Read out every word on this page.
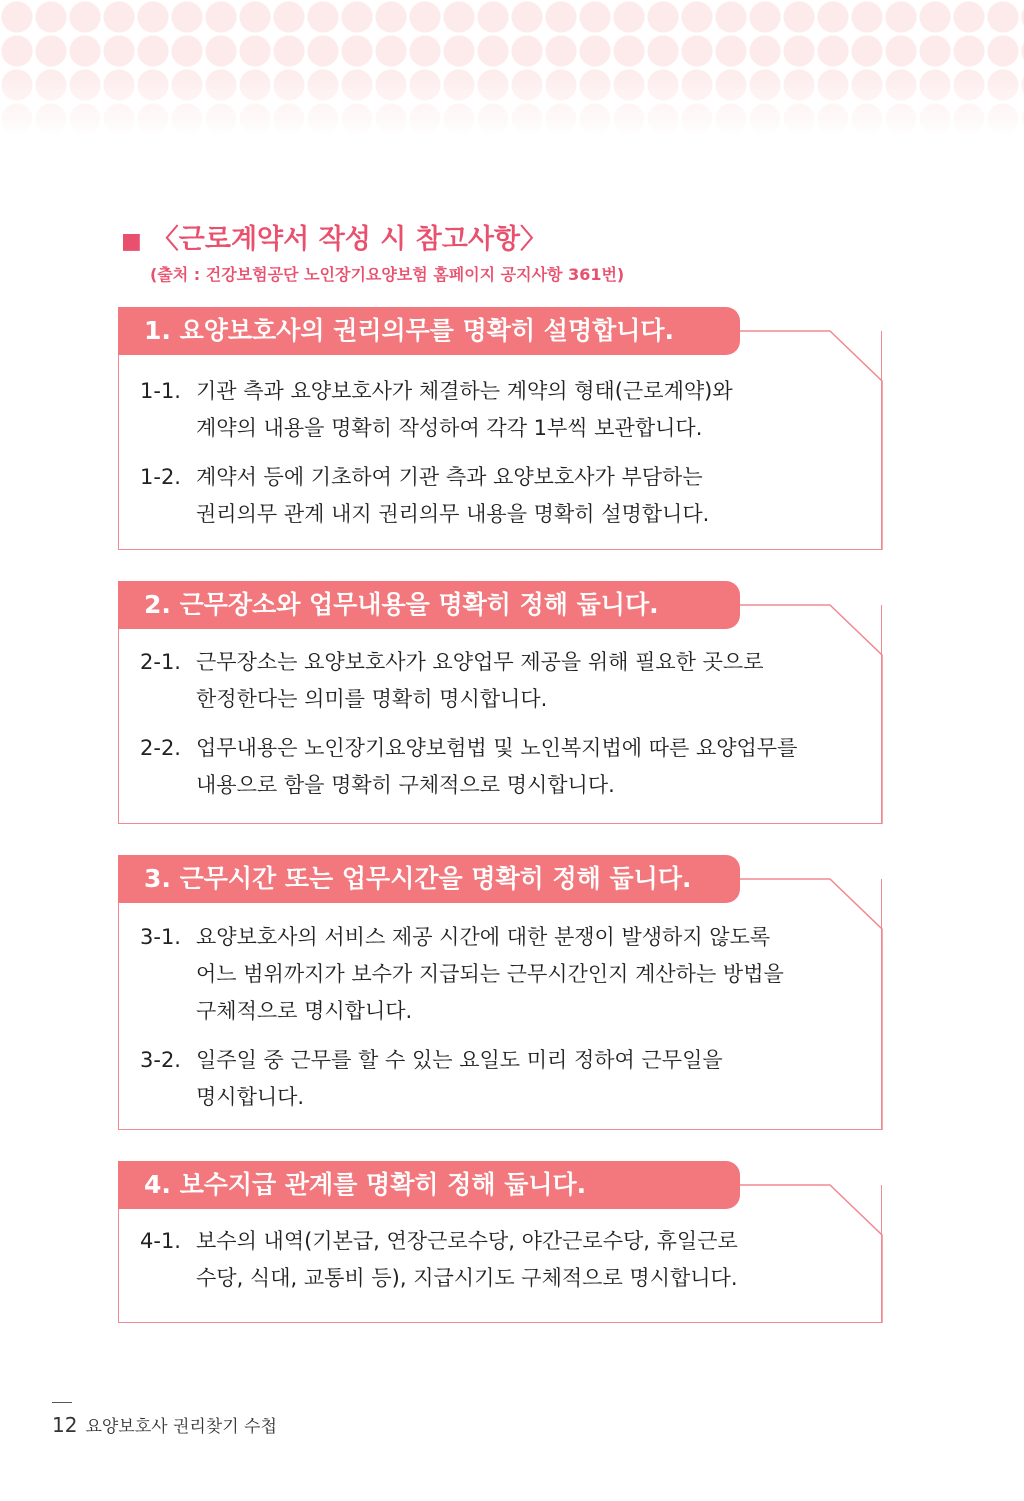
■ 〈근로계약서 작성 시 참고사항〉
(출처 : 건강보험공단 노인장기요양보험 홈페이지 공지사항 361번)
1. 요양보호사의 권리의무를 명확히 설명합니다.
1-1. 기관 측과 요양보호사가 체결하는 계약의 형태(근로계약)와
계약의 내용을 명확히 작성하여 각각 1부씩 보관합니다.
1-2. 계약서 등에 기초하여 기관 측과 요양보호사가 부담하는
권리의무 관계 내지 권리의무 내용을 명확히 설명합니다.
2. 근무장소와 업무내용을 명확히 정해 둡니다.
2-1. 근무장소는 요양보호사가 요양업무 제공을 위해 필요한 곳으로
한정한다는 의미를 명확히 명시합니다.
2-2. 업무내용은 노인장기요양보험법 및 노인복지법에 따른 요양업무를
내용으로 함을 명확히 구체적으로 명시합니다.
3. 근무시간 또는 업무시간을 명확히 정해 둡니다.
3-1. 요양보호사의 서비스 제공 시간에 대한 분쟁이 발생하지 않도록
어느 범위까지가 보수가 지급되는 근무시간인지 계산하는 방법을
구체적으로 명시합니다.
3-2. 일주일 중 근무를 할 수 있는 요일도 미리 정하여 근무일을
명시합니다.
4. 보수지급 관계를 명확히 정해 둡니다.
4-1. 보수의 내역(기본급, 연장근로수당, 야간근로수당, 휴일근로
수당, 식대, 교통비 등), 지급시기도 구체적으로 명시합니다.
12 요양보호사 권리찾기 수첩
